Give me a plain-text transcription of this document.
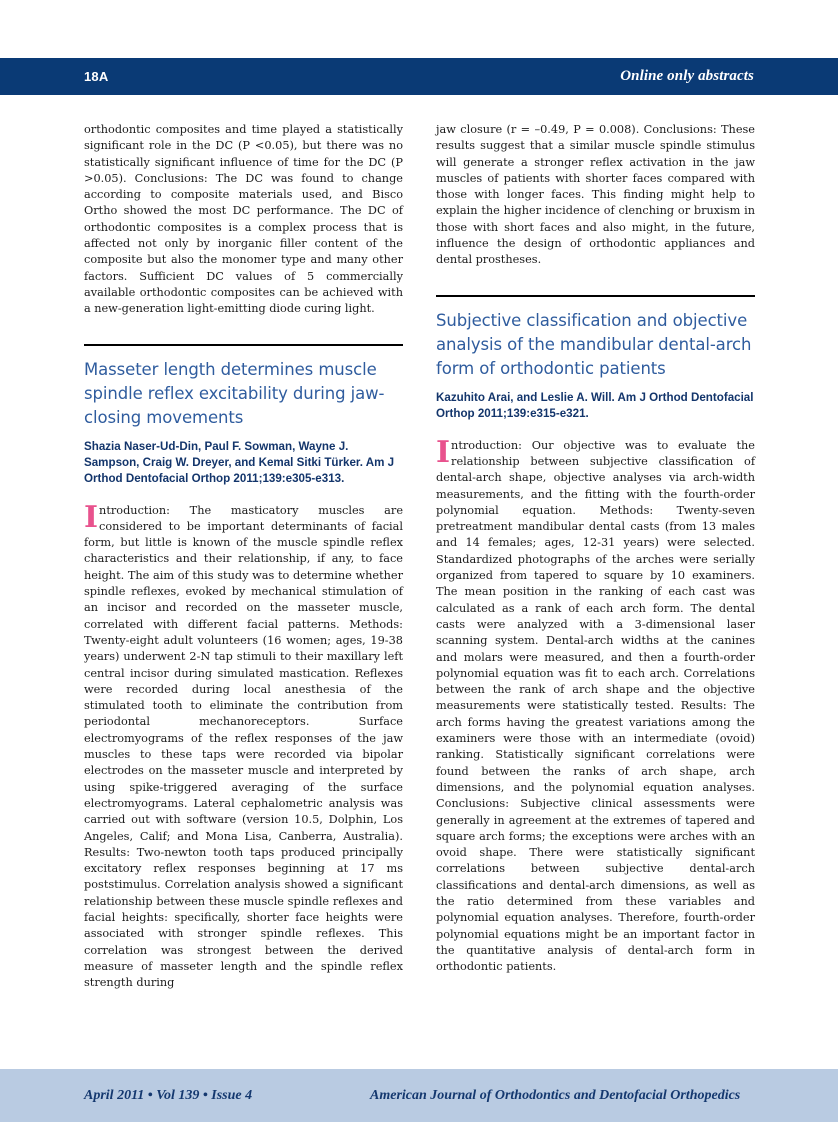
18A	Online only abstracts

orthodontic composites and time played a statistically significant role in the DC (P <0.05), but there was no statistically significant influence of time for the DC (P >0.05). Conclusions: The DC was found to change according to composite materials used, and Bisco Ortho showed the most DC performance. The DC of orthodontic composites is a complex process that is affected not only by inorganic filler content of the composite but also the monomer type and many other factors. Sufficient DC values of 5 commercially available orthodontic composites can be achieved with a new-generation light-emitting diode curing light.

Masseter length determines muscle spindle reflex excitability during jaw-closing movements

Shazia Naser-Ud-Din, Paul F. Sowman, Wayne J. Sampson, Craig W. Dreyer, and Kemal Sitki Türker. Am J Orthod Dentofacial Orthop 2011;139:e305-e313.

Introduction: The masticatory muscles are considered to be important determinants of facial form, but little is known of the muscle spindle reflex characteristics and their relationship, if any, to face height. The aim of this study was to determine whether spindle reflexes, evoked by mechanical stimulation of an incisor and recorded on the masseter muscle, correlated with different facial patterns. Methods: Twenty-eight adult volunteers (16 women; ages, 19-38 years) underwent 2-N tap stimuli to their maxillary left central incisor during simulated mastication. Reflexes were recorded during local anesthesia of the stimulated tooth to eliminate the contribution from periodontal mechanoreceptors. Surface electromyograms of the reflex responses of the jaw muscles to these taps were recorded via bipolar electrodes on the masseter muscle and interpreted by using spike-triggered averaging of the surface electromyograms. Lateral cephalometric analysis was carried out with software (version 10.5, Dolphin, Los Angeles, Calif; and Mona Lisa, Canberra, Australia). Results: Two-newton tooth taps produced principally excitatory reflex responses beginning at 17 ms poststimulus. Correlation analysis showed a significant relationship between these muscle spindle reflexes and facial heights: specifically, shorter face heights were associated with stronger spindle reflexes. This correlation was strongest between the derived measure of masseter length and the spindle reflex strength during

jaw closure (r = –0.49, P = 0.008). Conclusions: These results suggest that a similar muscle spindle stimulus will generate a stronger reflex activation in the jaw muscles of patients with shorter faces compared with those with longer faces. This finding might help to explain the higher incidence of clenching or bruxism in those with short faces and also might, in the future, influence the design of orthodontic appliances and dental prostheses.

Subjective classification and objective analysis of the mandibular dental-arch form of orthodontic patients

Kazuhito Arai, and Leslie A. Will. Am J Orthod Dentofacial Orthop 2011;139:e315-e321.

Introduction: Our objective was to evaluate the relationship between subjective classification of dental-arch shape, objective analyses via arch-width measurements, and the fitting with the fourth-order polynomial equation. Methods: Twenty-seven pretreatment mandibular dental casts (from 13 males and 14 females; ages, 12-31 years) were selected. Standardized photographs of the arches were serially organized from tapered to square by 10 examiners. The mean position in the ranking of each cast was calculated as a rank of each arch form. The dental casts were analyzed with a 3-dimensional laser scanning system. Dental-arch widths at the canines and molars were measured, and then a fourth-order polynomial equation was fit to each arch. Correlations between the rank of arch shape and the objective measurements were statistically tested. Results: The arch forms having the greatest variations among the examiners were those with an intermediate (ovoid) ranking. Statistically significant correlations were found between the ranks of arch shape, arch dimensions, and the polynomial equation analyses. Conclusions: Subjective clinical assessments were generally in agreement at the extremes of tapered and square arch forms; the exceptions were arches with an ovoid shape. There were statistically significant correlations between subjective dental-arch classifications and dental-arch dimensions, as well as the ratio determined from these variables and polynomial equation analyses. Therefore, fourth-order polynomial equations might be an important factor in the quantitative analysis of dental-arch form in orthodontic patients.

April 2011 • Vol 139 • Issue 4	American Journal of Orthodontics and Dentofacial Orthopedics
